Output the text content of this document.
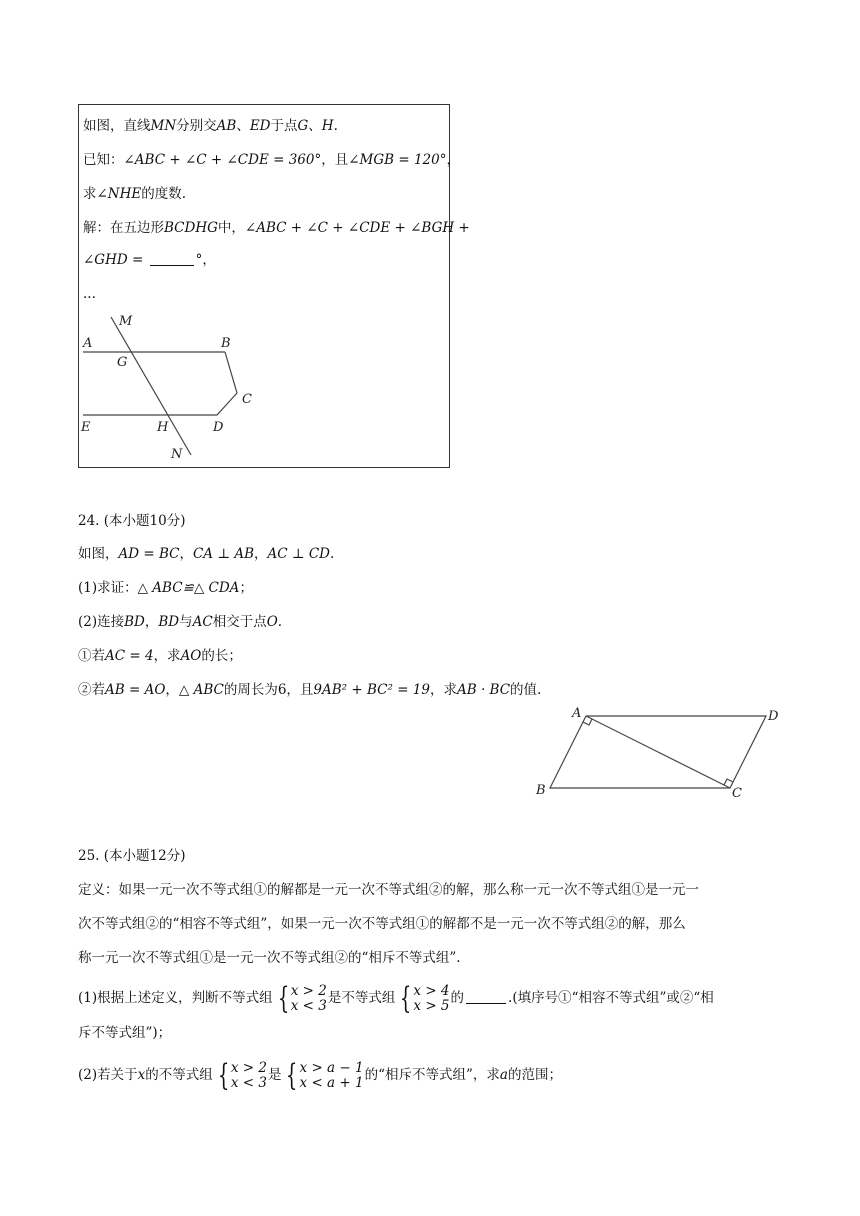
如图，直线MN分别交AB、ED于点G、H.
已知：∠ABC + ∠C + ∠CDE = 360°，且∠MGB = 120°，
求∠NHE的度数.
解：在五边形BCDHG中，∠ABC + ∠C + ∠CDE + ∠BGH +
∠GHD =	°，
...
M
A	B
G
C
E	H	D
N
24. (本小题10分)
如图，AD = BC，CA ⊥ AB，AC ⊥ CD.
(1)求证：△ ABC≌△ CDA；
(2)连接BD，BD与AC相交于点O.
①若AC = 4，求AO的长；
②若AB = AO，△ ABC的周长为6，且9AB² + BC² = 19，求AB · BC的值.
A	D
B	C
25. (本小题12分)
定义：如果一元一次不等式组①的解都是一元一次不等式组②的解，那么称一元一次不等式组①是一元一
次不等式组②的“相容不等式组”，如果一元一次不等式组①的解都不是一元一次不等式组②的解，那么
称一元一次不等式组①是一元一次不等式组②的“相斥不等式组”.
(1)根据上述定义，判断不等式组 { x > 2
x < 3 是不等式组 { x > 4
x > 5 的	.(填序号①“相容不等式组”或②“相
斥不等式组”)；
(2)若关于x的不等式组 { x > 2
x < 3 是 { x > a − 1
x < a + 1 的“相斥不等式组”，求a的范围；
